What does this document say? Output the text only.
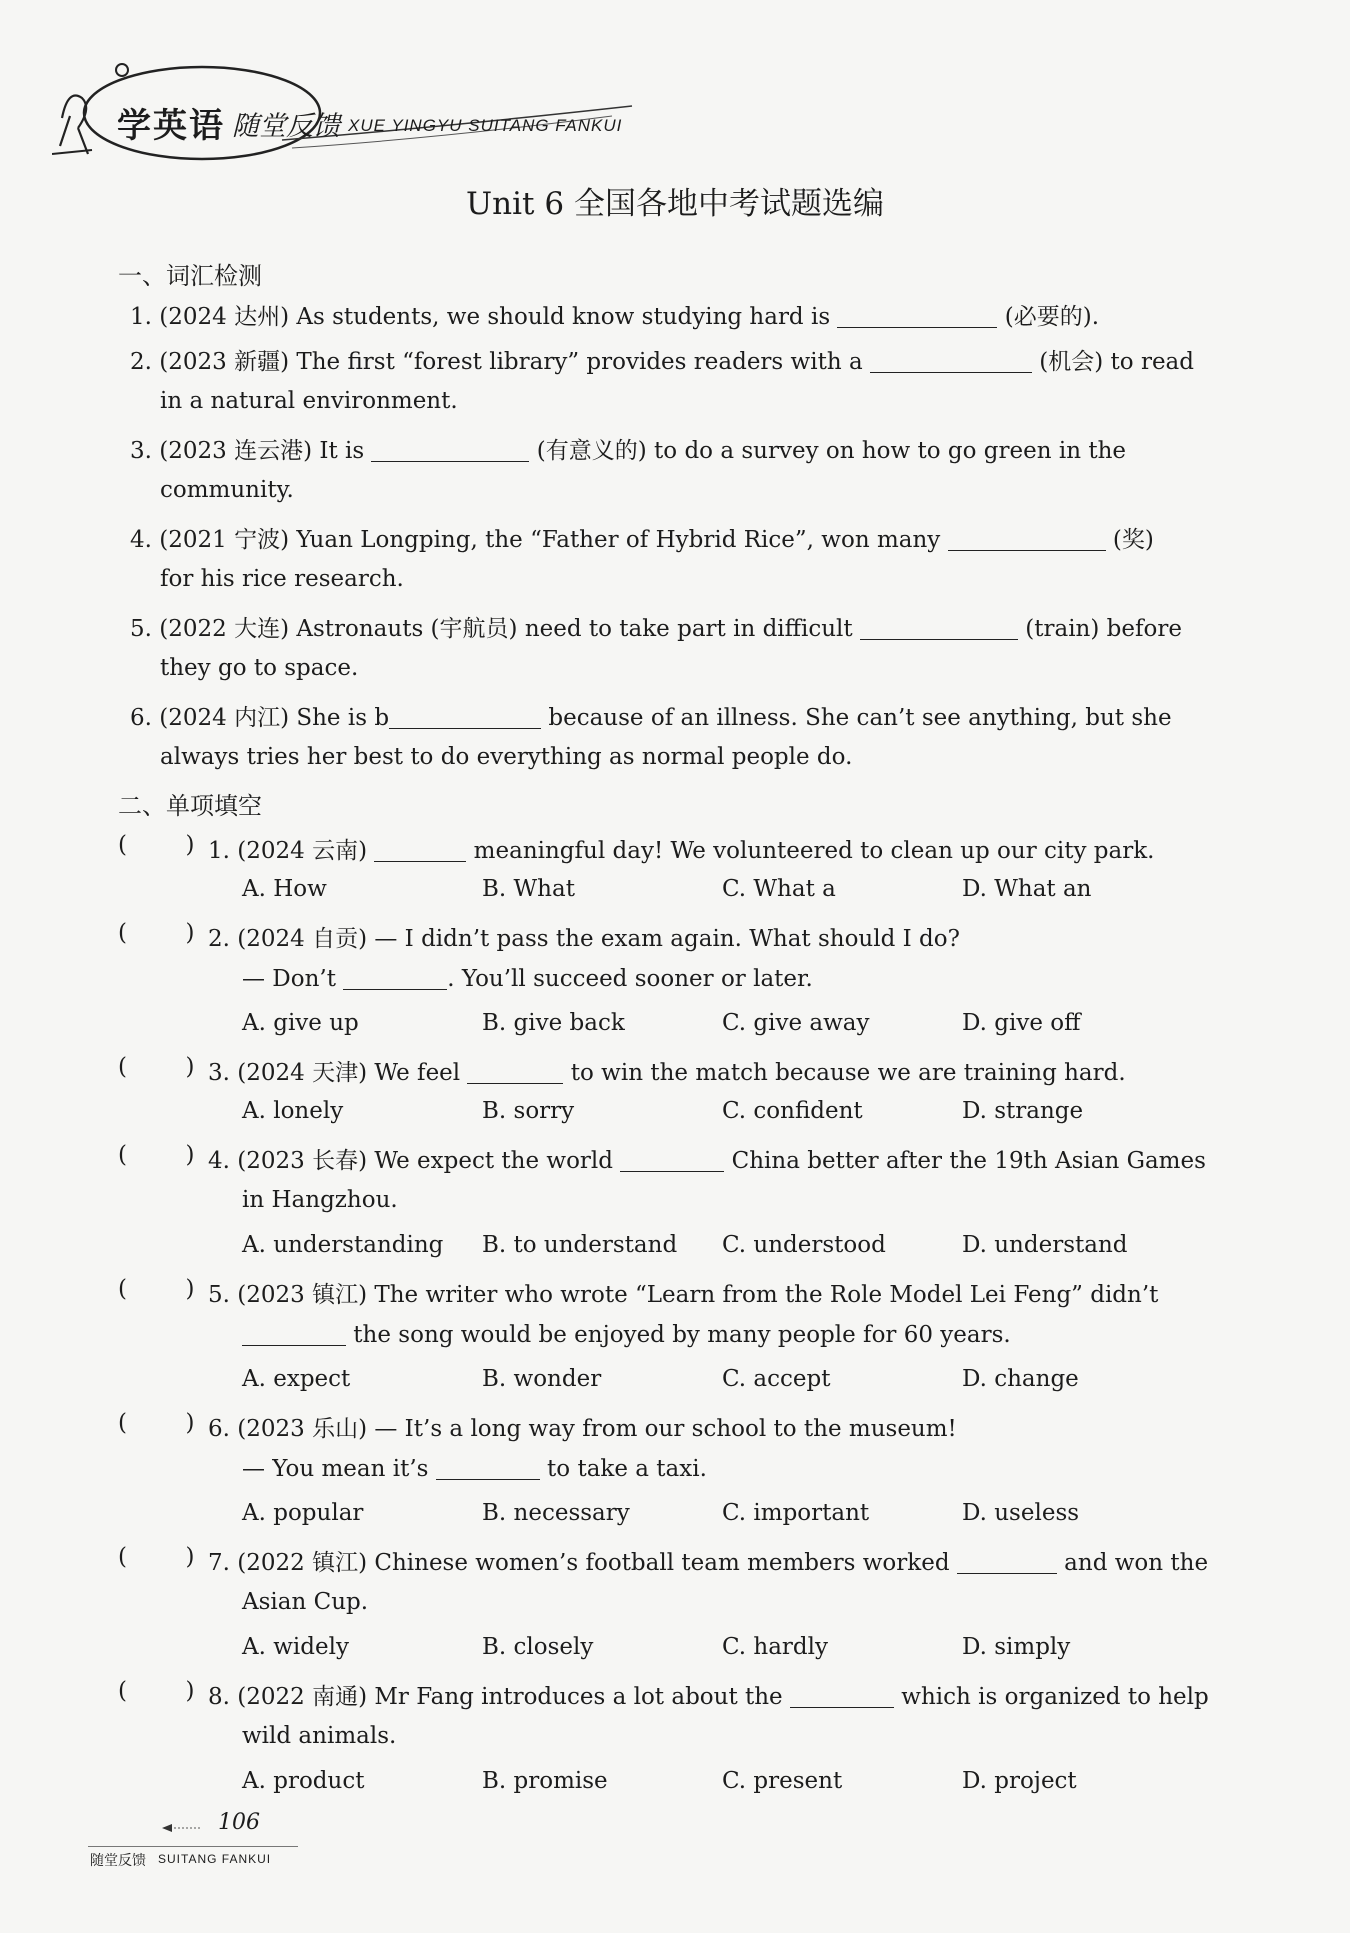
学英语 随堂反馈 XUE YINGYU SUITANG FANKUI
Unit 6 全国各地中考试题选编
一、词汇检测
1. (2024 达州) As students, we should know studying hard is	(必要的).
2. (2023 新疆) The first “forest library” provides readers with a	(机会) to read
in a natural environment.
3. (2023 连云港) It is	(有意义的) to do a survey on how to go green in the
community.
4. (2021 宁波) Yuan Longping, the “Father of Hybrid Rice”, won many	(奖)
for his rice research.
5. (2022 大连) Astronauts (宇航员) need to take part in difficult	(train) before
they go to space.
6. (2024 内江) She is b	because of an illness. She can’t see anything, but she
always tries her best to do everything as normal people do.
二、单项填空
(        ) 1. (2024 云南)	meaningful day! We volunteered to clean up our city park.
A. How	B. What	C. What a	D. What an
(        ) 2. (2024 自贡) — I didn’t pass the exam again. What should I do?
— Don’t	. You’ll succeed sooner or later.
A. give up	B. give back	C. give away	D. give off
(        ) 3. (2024 天津) We feel	to win the match because we are training hard.
A. lonely	B. sorry	C. confident	D. strange
(        ) 4. (2023 长春) We expect the world	China better after the 19th Asian Games
in Hangzhou.
A. understanding B. to understand C. understood	D. understand
(        ) 5. (2023 镇江) The writer who wrote “Learn from the Role Model Lei Feng” didn’t
the song would be enjoyed by many people for 60 years.
A. expect	B. wonder	C. accept	D. change
(        ) 6. (2023 乐山) — It’s a long way from our school to the museum!
— You mean it’s	to take a taxi.
A. popular	B. necessary	C. important	D. useless
(        ) 7. (2022 镇江) Chinese women’s football team members worked	and won the
Asian Cup.
A. widely	B. closely	C. hardly	D. simply
(        ) 8. (2022 南通) Mr Fang introduces a lot about the	which is organized to help
wild animals.
A. product	B. promise	C. present	D. project
106
随堂反馈 SUITANG FANKUI
